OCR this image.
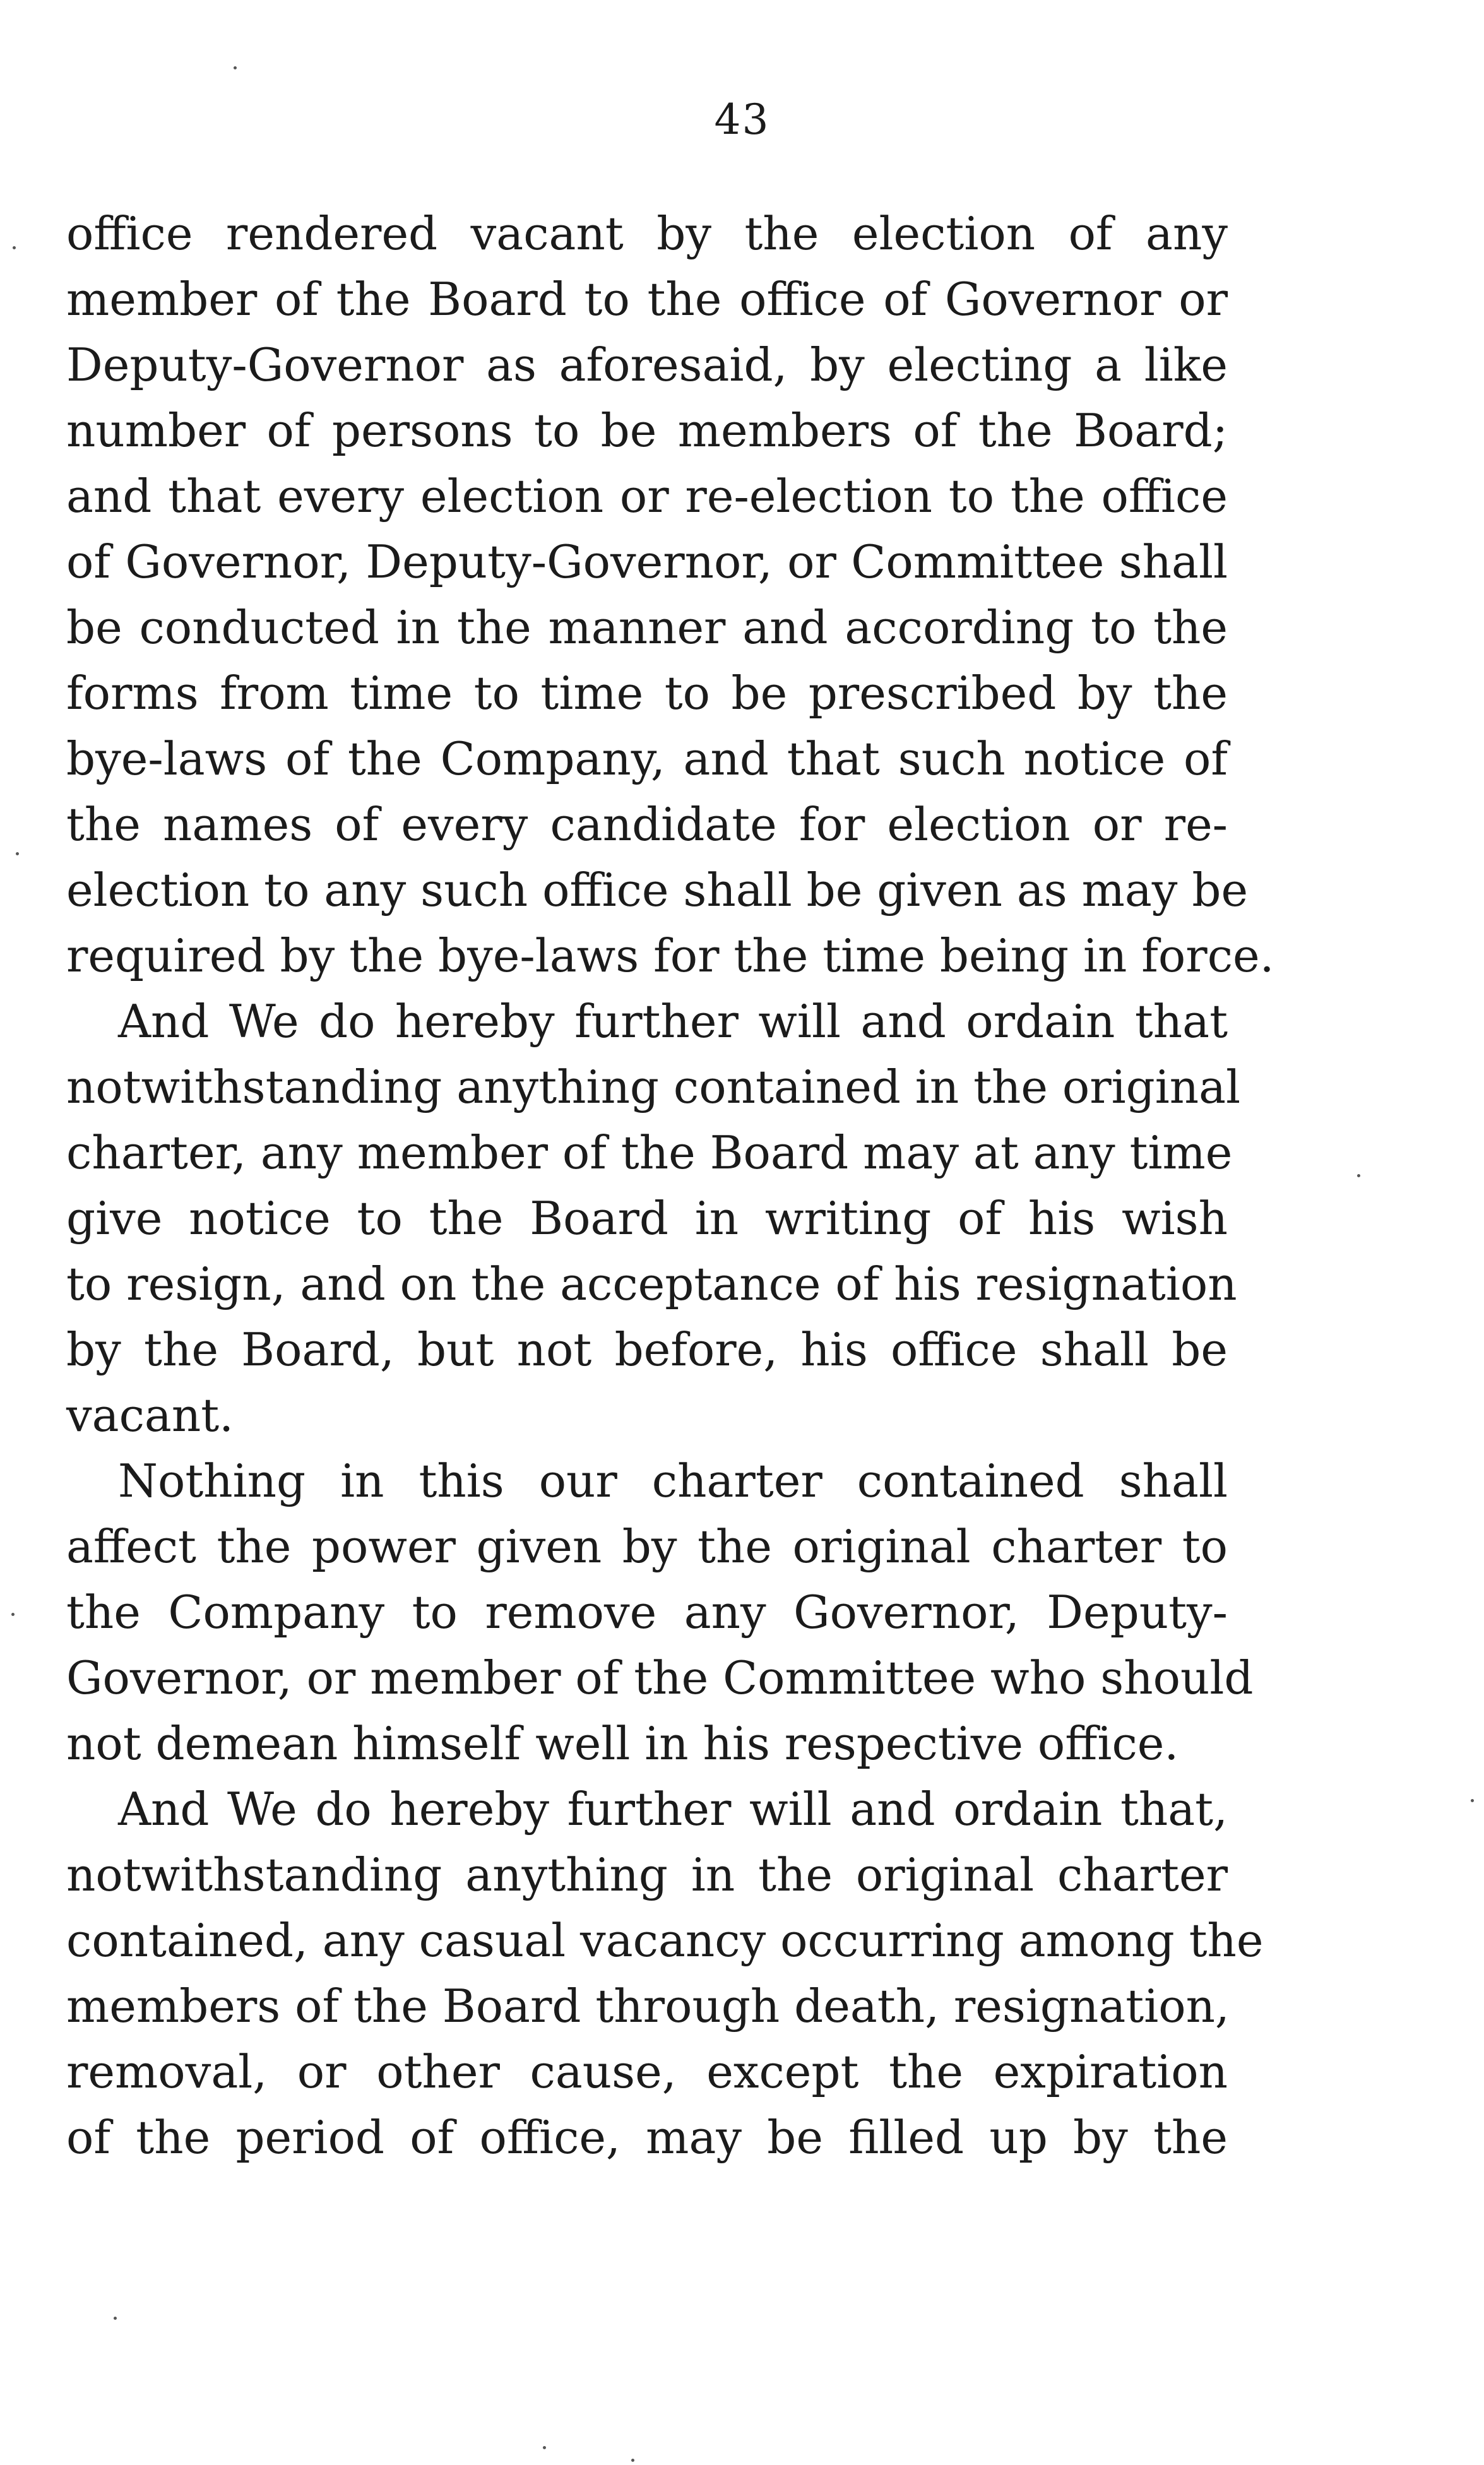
43
office rendered vacant by the election of any
member of the Board to the office of Governor or
Deputy-Governor as aforesaid, by electing a like
number of persons to be members of the Board;
and that every election or re-election to the office
of Governor, Deputy-Governor, or Committee shall
be conducted in the manner and according to the
forms from time to time to be prescribed by the
bye-laws of the Company, and that such notice of
the names of every candidate for election or re-
election to any such office shall be given as may be
required by the bye-laws for the time being in force.
And We do hereby further will and ordain that
notwithstanding anything contained in the original
charter, any member of the Board may at any time
give notice to the Board in writing of his wish
to resign, and on the acceptance of his resignation
by the Board, but not before, his office shall be
vacant.
Nothing in this our charter contained shall
affect the power given by the original charter to
the Company to remove any Governor, Deputy-
Governor, or member of the Committee who should
not demean himself well in his respective office.
And We do hereby further will and ordain that,
notwithstanding anything in the original charter
contained, any casual vacancy occurring among the
members of the Board through death, resignation,
removal, or other cause, except the expiration
of the period of office, may be filled up by the
